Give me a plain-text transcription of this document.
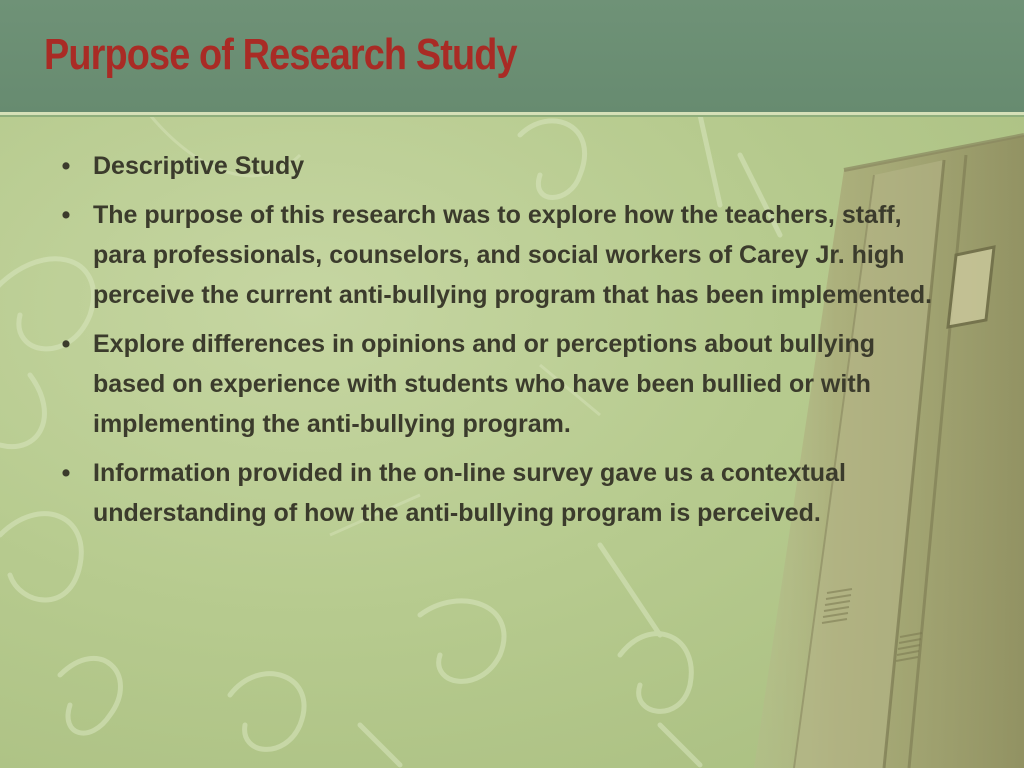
Purpose of Research Study
• Descriptive Study
• The purpose of this research was to explore how the teachers, staff, para professionals, counselors, and social workers of Carey Jr. high perceive the current anti-bullying program that has been implemented.
• Explore differences in opinions and or perceptions about bullying based on experience with students who have been bullied or with implementing the anti-bullying program.
• Information provided in the on-line survey gave us a contextual understanding of how the anti-bullying program is perceived.
